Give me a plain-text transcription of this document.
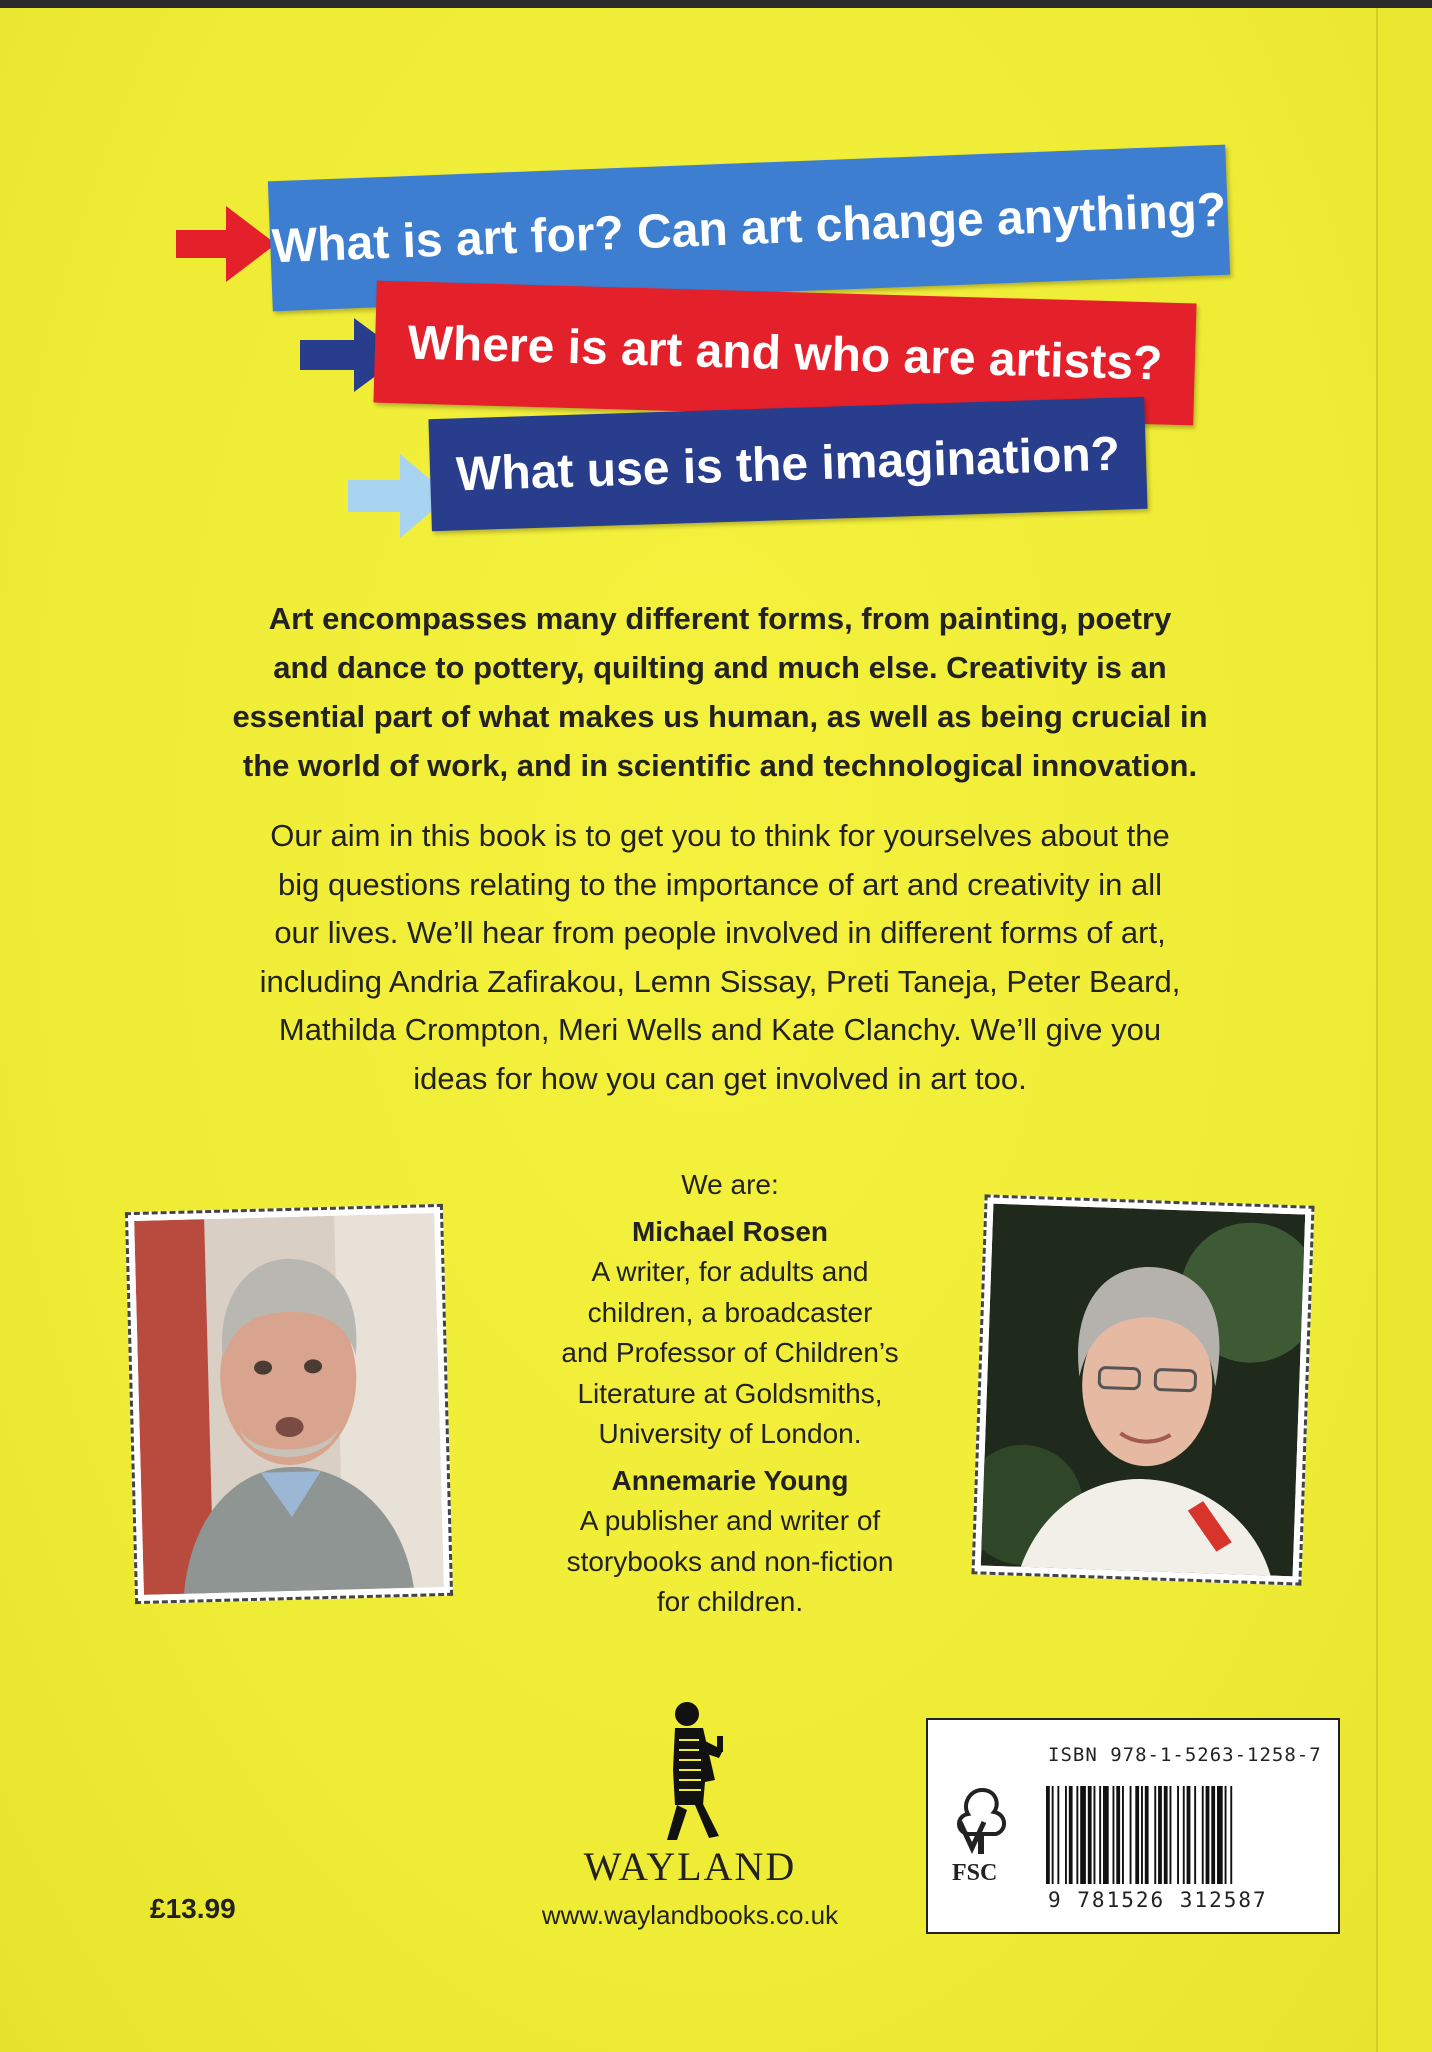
What is art for? Can art change anything?
Where is art and who are artists?
What use is the imagination?
Art encompasses many different forms, from painting, poetry
and dance to pottery, quilting and much else. Creativity is an
essential part of what makes us human, as well as being crucial in
the world of work, and in scientific and technological innovation.
Our aim in this book is to get you to think for yourselves about the
big questions relating to the importance of art and creativity in all
our lives. We’ll hear from people involved in different forms of art,
including Andria Zafirakou, Lemn Sissay, Preti Taneja, Peter Beard,
Mathilda Crompton, Meri Wells and Kate Clanchy. We’ll give you
ideas for how you can get involved in art too.
We are:
Michael Rosen
A writer, for adults and
children, a broadcaster
and Professor of Children’s
Literature at Goldsmiths,
University of London.
Annemarie Young
A publisher and writer of
storybooks and non-fiction
for children.
WAYLAND
www.waylandbooks.co.uk
£13.99
ISBN 978-1-5263-1258-7
FSC
9 781526 312587
